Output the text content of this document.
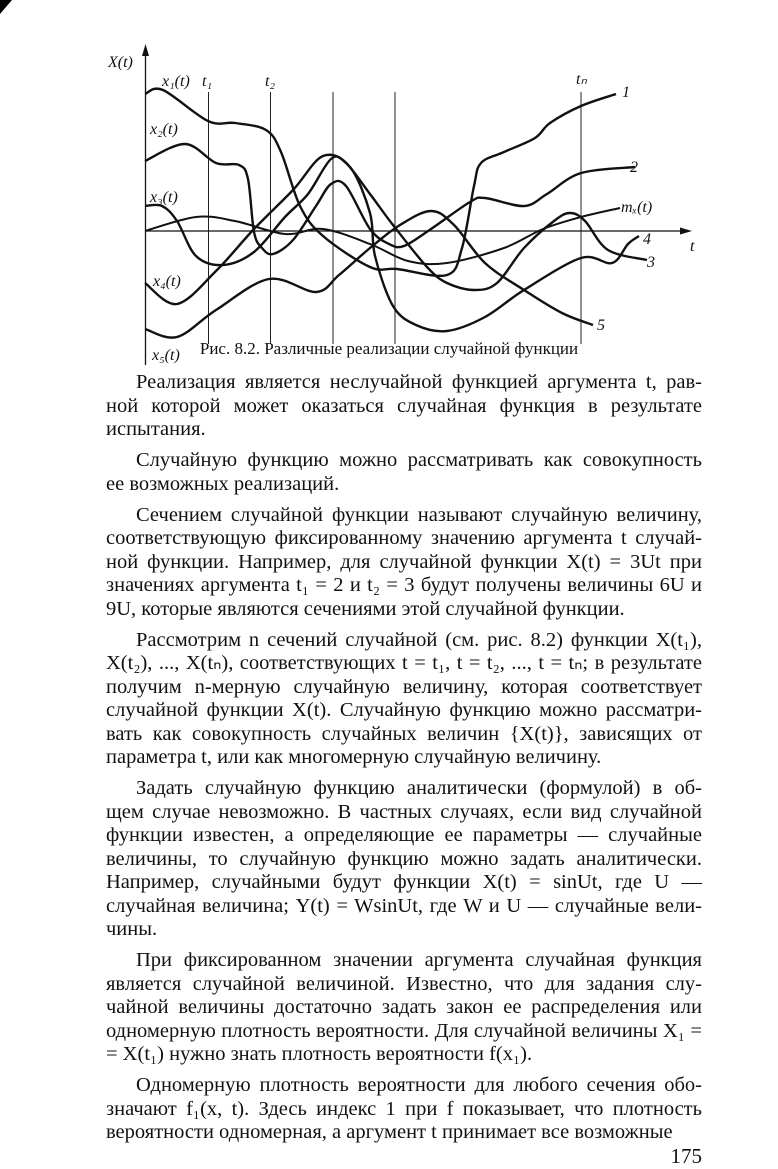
X(t)
t
t₁	t₂	tₙ
x₁(t)
x₂(t)
x₃(t)
x₄(t)
x₅(t)
1
2
mₓ(t)
4
3
5
Рис. 8.2. Различные реализации случайной функции
Реализация является неслучайной функцией аргумента t, рав-
ной которой может оказаться случайная функция в результате
испытания.
Случайную функцию можно рассматривать как совокупность
ее возможных реализаций.
Сечением случайной функции называют случайную величину,
соответствующую фиксированному значению аргумента t случай-
ной функции. Например, для случайной функции X(t) = 3Ut при
значениях аргумента t₁ = 2 и t₂ = 3 будут получены величины 6U и
9U, которые являются сечениями этой случайной функции.
Рассмотрим n сечений случайной (см. рис. 8.2) функции X(t₁),
X(t₂), ..., X(tₙ), соответствующих t = t₁, t = t₂, ..., t = tₙ; в результате
получим n-мерную случайную величину, которая соответствует
случайной функции X(t). Случайную функцию можно рассматри-
вать как совокупность случайных величин {X(t)}, зависящих от
параметра t, или как многомерную случайную величину.
Задать случайную функцию аналитически (формулой) в об-
щем случае невозможно. В частных случаях, если вид случайной
функции известен, а определяющие ее параметры — случайные
величины, то случайную функцию можно задать аналитически.
Например, случайными будут функции X(t) = sinUt, где U —
случайная величина; Y(t) = WsinUt, где W и U — случайные вели-
чины.
При фиксированном значении аргумента случайная функция
является случайной величиной. Известно, что для задания слу-
чайной величины достаточно задать закон ее распределения или
одномерную плотность вероятности. Для случайной величины X₁ =
= X(t₁) нужно знать плотность вероятности f(x₁).
Одномерную плотность вероятности для любого сечения обо-
значают f₁(x, t). Здесь индекс 1 при f показывает, что плотность
вероятности одномерная, а аргумент t принимает все возможные
175
